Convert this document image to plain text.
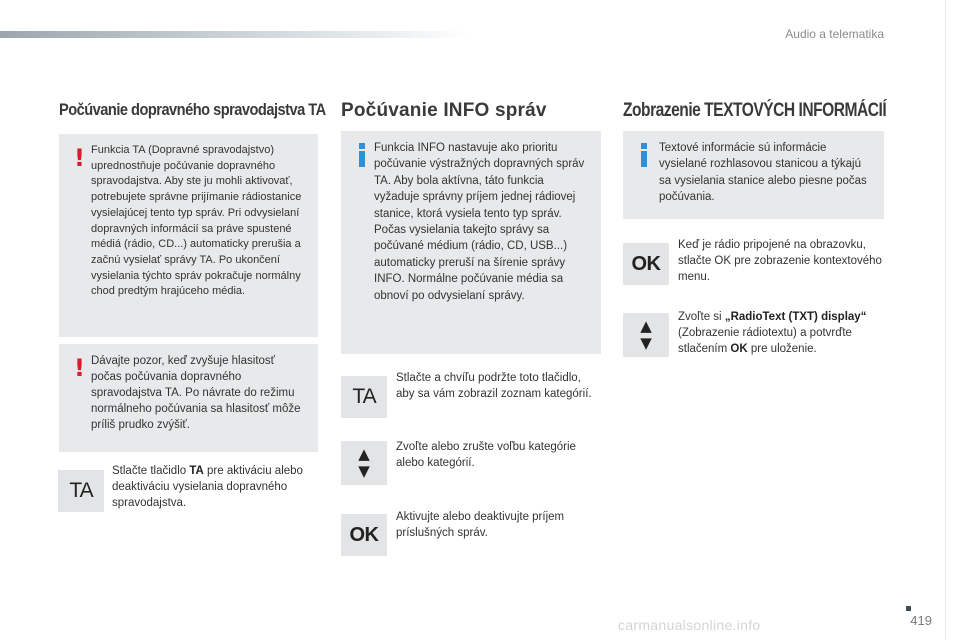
Audio a telematika
Počúvanie dopravného spravodajstva TA
! Funkcia TA (Dopravné spravodajstvo) uprednostňuje počúvanie dopravného spravodajstva. Aby ste ju mohli aktivovať, potrebujete správne prijímanie rádiostanice vysielajúcej tento typ správ. Pri odvysielaní dopravných informácií sa práve spustené médiá (rádio, CD...) automaticky prerušia a začnú vysielať správy TA. Po ukončení vysielania týchto správ pokračuje normálny chod predtým hrajúceho média.

! Dávajte pozor, keď zvyšuje hlasitosť počas počúvania dopravného spravodajstva TA. Po návrate do režimu normálneho počúvania sa hlasitosť môže príliš prudko zvýšiť.

TA
Stlačte tlačidlo TA pre aktiváciu alebo deaktiváciu vysielania dopravného spravodajstva.
Počúvanie INFO správ

Funkcia INFO nastavuje ako prioritu počúvanie výstražných dopravných správ TA. Aby bola aktívna, táto funkcia vyžaduje správny príjem jednej rádiovej stanice, ktorá vysiela tento typ správ. Počas vysielania takejto správy sa počúvané médium (rádio, CD, USB...) automaticky preruší na šírenie správy INFO. Normálne počúvanie média sa obnoví po odvysielaní správy.

TA
Stlačte a chvíľu podržte toto tlačidlo, aby sa vám zobrazil zoznam kategórií.
▲
▼
Zvoľte alebo zrušte voľbu kategórie alebo kategórií.
OK
Aktivujte alebo deaktivujte príjem príslušných správ.
Zobrazenie TEXTOVÝCH INFORMÁCIÍ

Textové informácie sú informácie vysielané rozhlasovou stanicou a týkajú sa vysielania stanice alebo piesne počas počúvania.

OK
Keď je rádio pripojené na obrazovku, stlačte OK pre zobrazenie kontextového menu.
▲
▼
Zvoľte si „RadioText (TXT) display“ (Zobrazenie rádiotextu) a potvrďte stlačením OK pre uloženie.
419
carmanualsonline.info
